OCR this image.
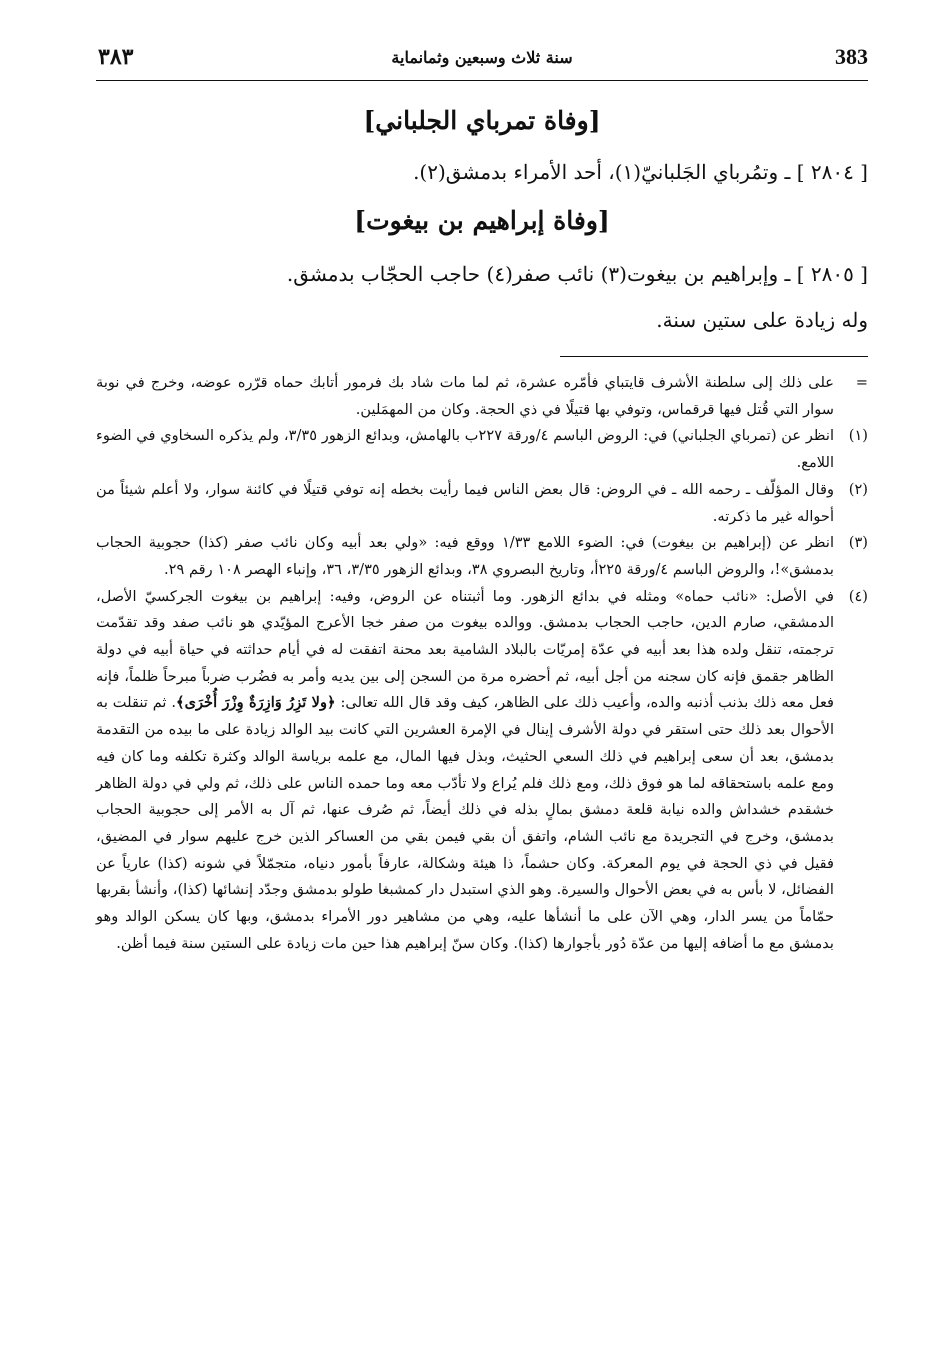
383
سنة ثلاث وسبعين وثمانماية
٣٨٣
[وفاة تمرباي الجلباني]
[ ٢٨٠٤ ] ـ وتمُرباي الجَلبانيّ(١)، أحد الأمراء بدمشق(٢).
[وفاة إبراهيم بن بيغوت]
[ ٢٨٠٥ ] ـ وإبراهيم بن بيغوت(٣) نائب صفر(٤) حاجب الحجّاب بدمشق.
وله زيادة على ستين سنة.
=
على ذلك إلى سلطنة الأشرف قايتباي فأمّره عشرة، ثم لما مات شاد بك فرمور أتابك حماه قرّره عوضه، وخرج في نوبة سوار التي قُتل فيها قرقماس، وتوفي بها قتيلًا في ذي الحجة. وكان من المهمَلين.
(١)
انظر عن (تمرباي الجلباني) في: الروض الباسم ٤/ورقة ٢٢٧ب بالهامش، وبدائع الزهور ٣/٣٥، ولم يذكره السخاوي في الضوء اللامع.
(٢)
وقال المؤلّف ـ رحمه الله ـ في الروض: قال بعض الناس فيما رأيت بخطه إنه توفي قتيلًا في كائنة سوار، ولا أعلم شيئاً من أحواله غير ما ذكرته.
(٣)
انظر عن (إبراهيم بن بيغوت) في: الضوء اللامع ١/٣٣ ووقع فيه: «ولي بعد أبيه وكان نائب صفر (كذا) حجوبية الحجاب بدمشق»!، والروض الباسم ٤/ورقة ٢٢٥أ، وتاريخ البصروي ٣٨، وبدائع الزهور ٣/٣٥، ٣٦، وإنباء الهصر ١٠٨ رقم ٢٩.
(٤)
في الأصل: «نائب حماه» ومثله في بدائع الزهور. وما أثبتناه عن الروض، وفيه: إبراهيم بن بيغوت الجركسيّ الأصل، الدمشقي، صارم الدين، حاجب الحجاب بدمشق. ووالده بيغوت من صفر خجا الأعرج المؤيّدي هو نائب صفد وقد تقدّمت ترجمته، تنقل ولده هذا بعد أبيه في عدّة إمريّات بالبلاد الشامية بعد محنة اتفقت له في أيام حداثته في حياة أبيه في دولة الظاهر جقمق فإنه كان سجنه من أجل أبيه، ثم أحضره مرة من السجن إلى بين يديه وأمر به فضُرب ضرباً مبرحاً ظلماً، فإنه فعل معه ذلك بذنب أذنبه والده، وأعيب ذلك على الظاهر، كيف وقد قال الله تعالى: ﴿ولا تَزِرُ وَازِرَةٌ وِزْرَ أُخْرَى﴾. ثم تنقلت به الأحوال بعد ذلك حتى استقر في دولة الأشرف إينال في الإمرة العشرين التي كانت بيد الوالد زيادة على ما بيده من التقدمة بدمشق، بعد أن سعى إبراهيم في ذلك السعي الحثيث، وبذل فيها المال، مع علمه برياسة الوالد وكثرة تكلفه وما كان فيه ومع علمه باستحقاقه لما هو فوق ذلك، ومع ذلك فلم يُراع ولا تأدّب معه وما حمده الناس على ذلك، ثم ولي في دولة الظاهر خشقدم خشداش والده نيابة قلعة دمشق بمالٍ بذله في ذلك أيضاً، ثم صُرف عنها، ثم آل به الأمر إلى حجوبية الحجاب بدمشق، وخرج في التجريدة مع نائب الشام، واتفق أن بقي فيمن بقي من العساكر الذين خرج عليهم سوار في المضيق، فقيل في ذي الحجة في يوم المعركة. وكان حشماً، ذا هيئة وشكالة، عارفاً بأمور دنياه، متجمّلاً في شونه (كذا) عارياً عن الفضائل، لا بأس به في بعض الأحوال والسيرة. وهو الذي استبدل دار كمشبغا طولو بدمشق وجدّد إنشائها (كذا)، وأنشأ بقربها حمّاماً من يسر الدار، وهي الآن على ما أنشأها عليه، وهي من مشاهير دور الأمراء بدمشق، وبها كان يسكن الوالد وهو بدمشق مع ما أضافه إليها من عدّة دُور بأجوارها (كذا). وكان سنّ إبراهيم هذا حين مات زيادة على الستين سنة فيما أظن.
